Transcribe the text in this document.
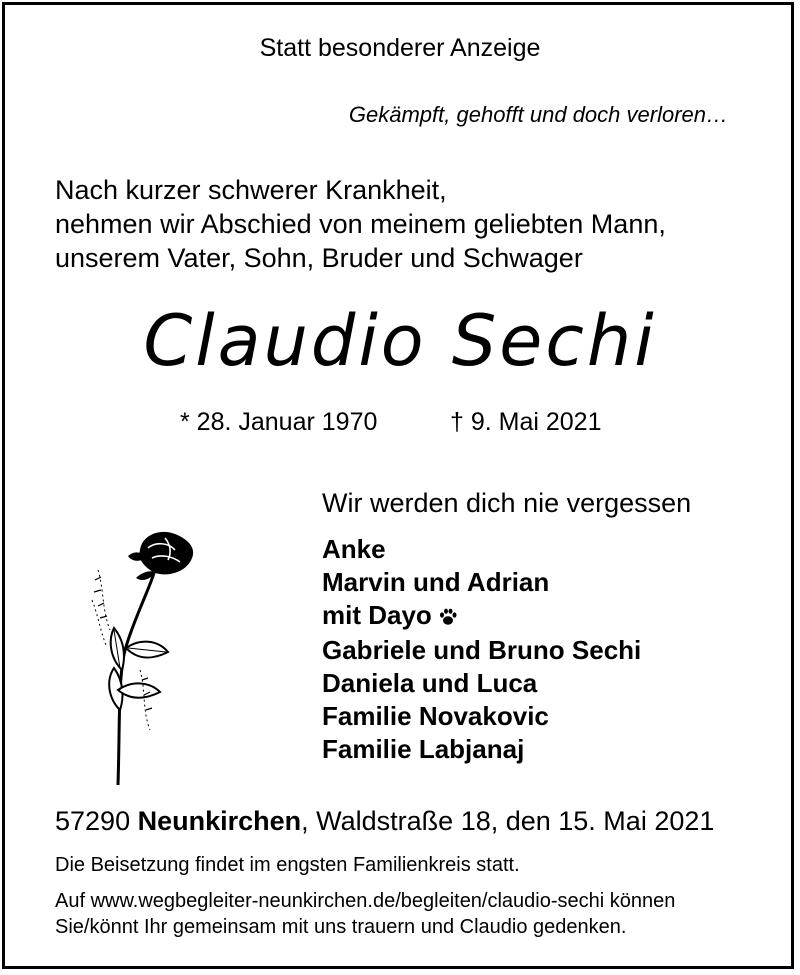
Statt besonderer Anzeige
Gekämpft, gehofft und doch verloren…
Nach kurzer schwerer Krankheit,
nehmen wir Abschied von meinem geliebten Mann,
unserem Vater, Sohn, Bruder und Schwager
Claudio Sechi
* 28. Januar 1970	† 9. Mai 2021
Wir werden dich nie vergessen
Anke
Marvin und Adrian
mit Dayo
Gabriele und Bruno Sechi
Daniela und Luca
Familie Novakovic
Familie Labjanaj
57290 Neunkirchen, Waldstraße 18, den 15. Mai 2021
Die Beisetzung findet im engsten Familienkreis statt.
Auf www.wegbegleiter-neunkirchen.de/begleiten/claudio-sechi können
Sie/könnt Ihr gemeinsam mit uns trauern und Claudio gedenken.
